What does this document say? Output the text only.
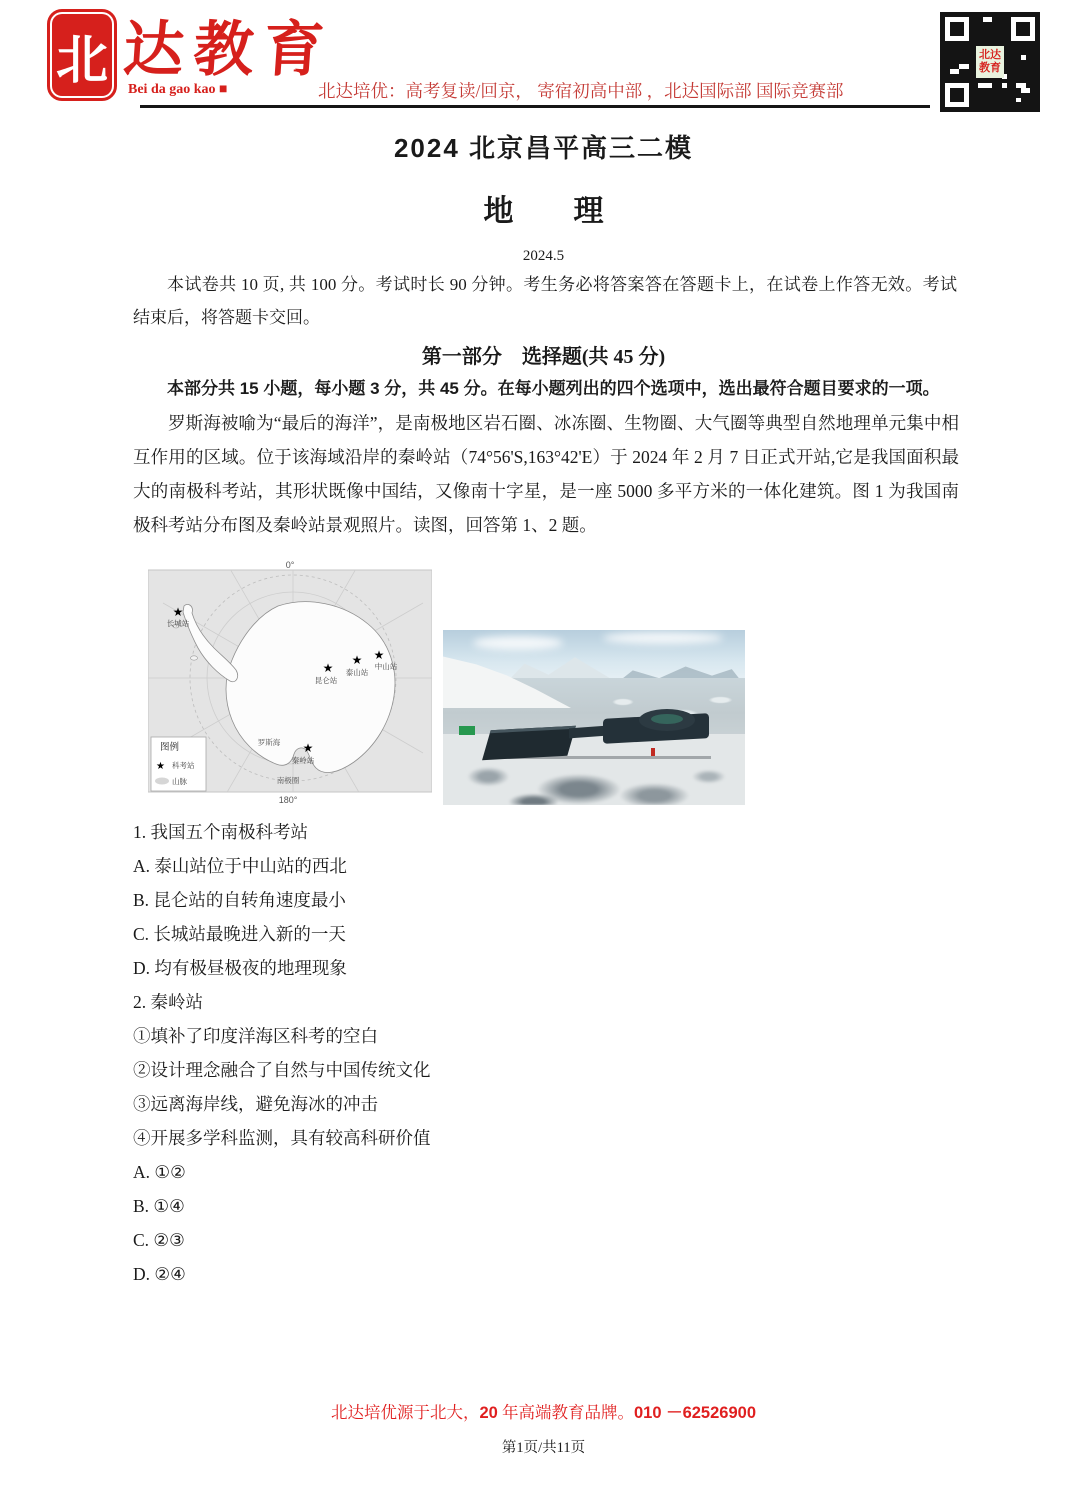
北 达教育
Bei da gao kao ■	北达培优：高考复读/回京， 寄宿初高中部 ，北达国际部 国际竞赛部
北达
教育
2024 北京昌平高三二模
地　　理
2024.5

本试卷共 10 页, 共 100 分。考试时长 90 分钟。考生务必将答案答在答题卡上，在试卷上作答无效。考试结束后，将答题卡交回。

第一部分　选择题(共 45 分)

本部分共 15 小题，每小题 3 分，共 45 分。在每小题列出的四个选项中，选出最符合题目要求的一项。

罗斯海被喻为“最后的海洋”，是南极地区岩石圈、冰冻圈、生物圈、大气圈等典型自然地理单元集中相互作用的区域。位于该海域沿岸的秦岭站（74°56'S,163°42'E）于 2024 年 2 月 7 日正式开站,它是我国面积最大的南极科考站，其形状既像中国结，又像南十字星，是一座 5000 多平方米的一体化建筑。图 1 为我国南极科考站分布图及秦岭站景观照片。读图，回答第 1、2 题。

0°
★
★
★ ★
★
长城站
昆仑站
泰山站
中山站
秦岭站
罗斯海
南极圈
图例
★ 科考站
山脉
180°
1. 我国五个南极科考站
A. 泰山站位于中山站的西北
B. 昆仑站的自转角速度最小
C. 长城站最晚进入新的一天
D. 均有极昼极夜的地理现象
2. 秦岭站
①填补了印度洋海区科考的空白
②设计理念融合了自然与中国传统文化
③远离海岸线，避免海冰的冲击
④开展多学科监测，具有较高科研价值
A. ①②
B. ①④
C. ②③
D. ②④
北达培优源于北大，20 年高端教育品牌。010 －62526900
第1页/共11页
